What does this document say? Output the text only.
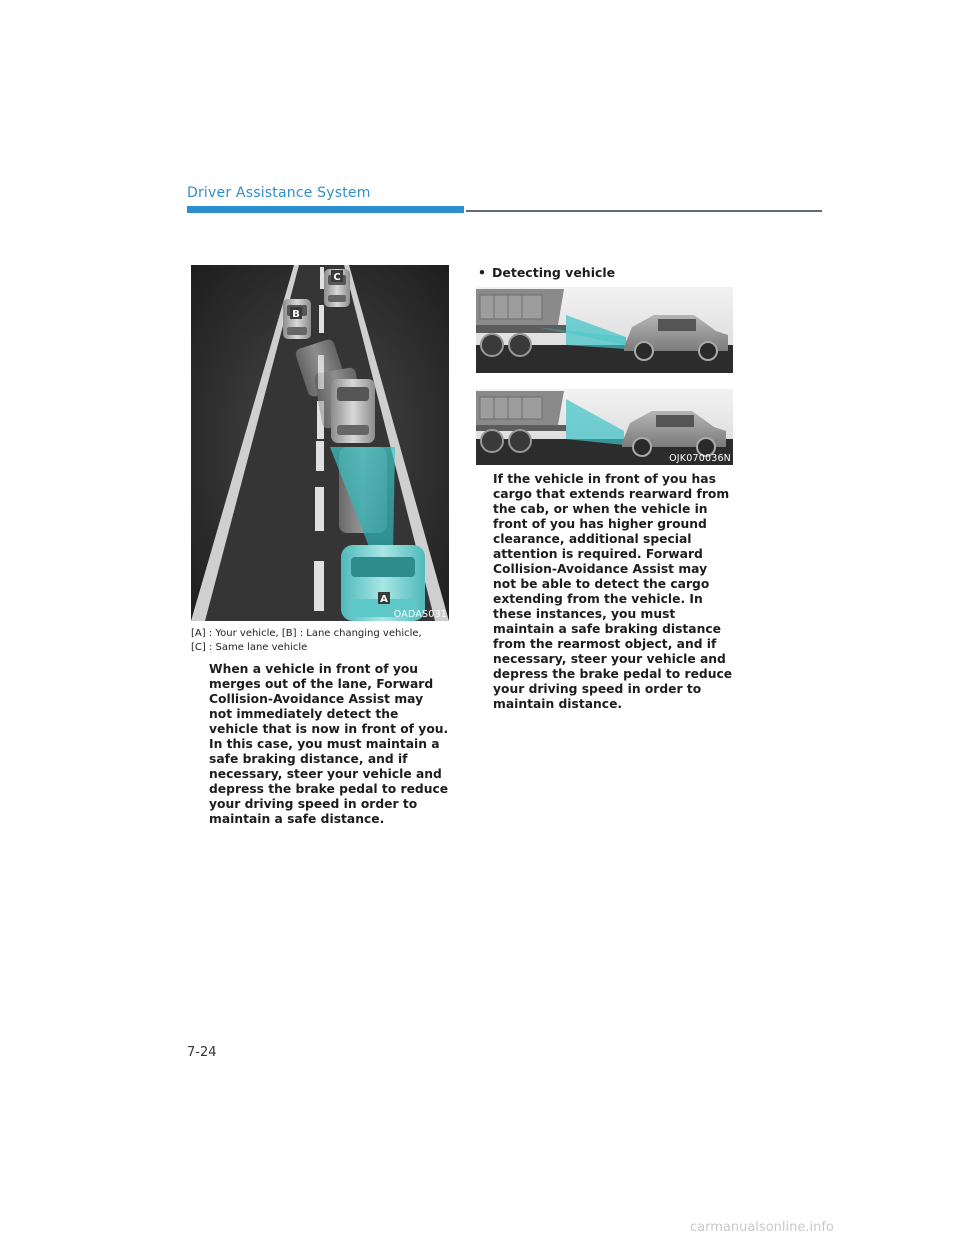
Driver Assistance System
C
B
A
OADAS031
[A] : Your vehicle, [B] : Lane changing vehicle,
[C] : Same lane vehicle
When a vehicle in front of you merges out of the lane, Forward Collision-Avoidance Assist may not immediately detect the vehicle that is now in front of you. In this case, you must maintain a safe braking distance, and if necessary, steer your vehicle and depress the brake pedal to reduce your driving speed in order to maintain a safe distance.
• Detecting vehicle
OJK070036N
If the vehicle in front of you has cargo that extends rearward from the cab, or when the vehicle in front of you has higher ground clearance, additional special attention is required. Forward Collision-Avoidance Assist may not be able to detect the cargo extending from the vehicle. In these instances, you must maintain a safe braking distance from the rearmost object, and if necessary, steer your vehicle and depress the brake pedal to reduce your driving speed in order to maintain distance.
7-24
carmanualsonline.info
